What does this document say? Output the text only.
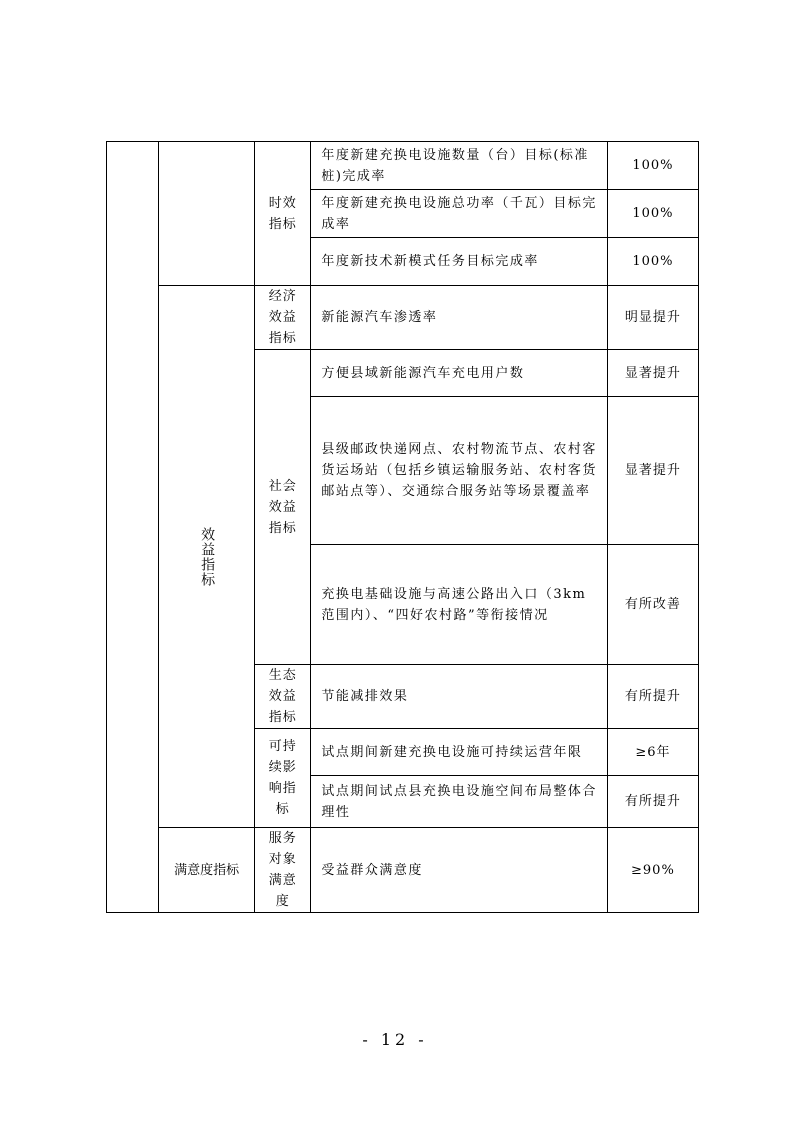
		时效指标	年度新建充换电设施数量（台）目标(标准桩)完成率	100%
			年度新建充换电设施总功率（千瓦）目标完成率	100%
			年度新技术新模式任务目标完成率	100%

	效益指标	经济效益指标	新能源汽车渗透率	明显提升
		社会效益指标	方便县域新能源汽车充电用户数	显著提升
			县级邮政快递网点、农村物流节点、农村客货运场站（包括乡镇运输服务站、农村客货邮站点等）、交通综合服务站等场景覆盖率	显著提升
			充换电基础设施与高速公路出入口（3km范围内）、“四好农村路”等衔接情况	有所改善
		生态效益指标	节能减排效果	有所提升
		可持续影响指标	试点期间新建充换电设施可持续运营年限	≥6年
			试点期间试点县充换电设施空间布局整体合理性	有所提升
	满意度指标	服务对象满意度	受益群众满意度	≥90%
- 12 -
